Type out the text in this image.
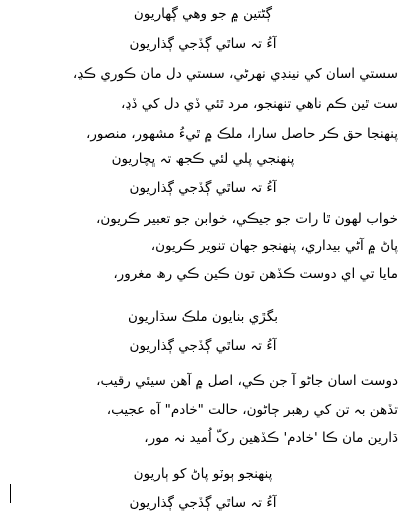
ڳڻتين ۾ جو وهي ڳهاريون
آءُ تہ ساٿي ڳڏجي ڳذاريون
سستي اسان کي نينڊي نهرڻي، سستي دل مان ڪوري ڪڍ،
ست ٿين ڪم ناهي تنهنجو، مرد ٿئي ڏي دل کي ڏڍ،
پنهنجا حق ڪر حاصل سارا، ملڪ ۾ ٿيءُ مشهور، منصور،
پنهنجي پلي لئي ڪجھ تہ ڀچاريون
آءُ تہ ساٿي ڳڏجي ڳذاريون
خواب لهون ٿا رات جو جيڪي، خوابن جو تعبير ڪريون،
پاڻ ۾ آڻي بيداري، پنهنجو جهان تنوير ڪريون،
مايا تي اي دوست ڪڏهن تون ڪين ڪي رھ مغرور،
بگڙي بنايون ملڪ سڌاريون
آءُ تہ ساٿي ڳڏجي ڳذاريون
دوست اسان جاڻو آ جن ڪي، اصل ۾ آهن سيئي رقيب،
تڏهن بہ تن کي رهبر ڄاڻون، حالت "خادم" آه عجيب،
ڌارين مان ڪا 'خادم' ڪڏهين رکّ اُميد نہ مور،
پنهنجو ٻوٽو پاڻ کو ٻاريون
آءُ تہ ساٿي ڳڏجي ڳذاريون
